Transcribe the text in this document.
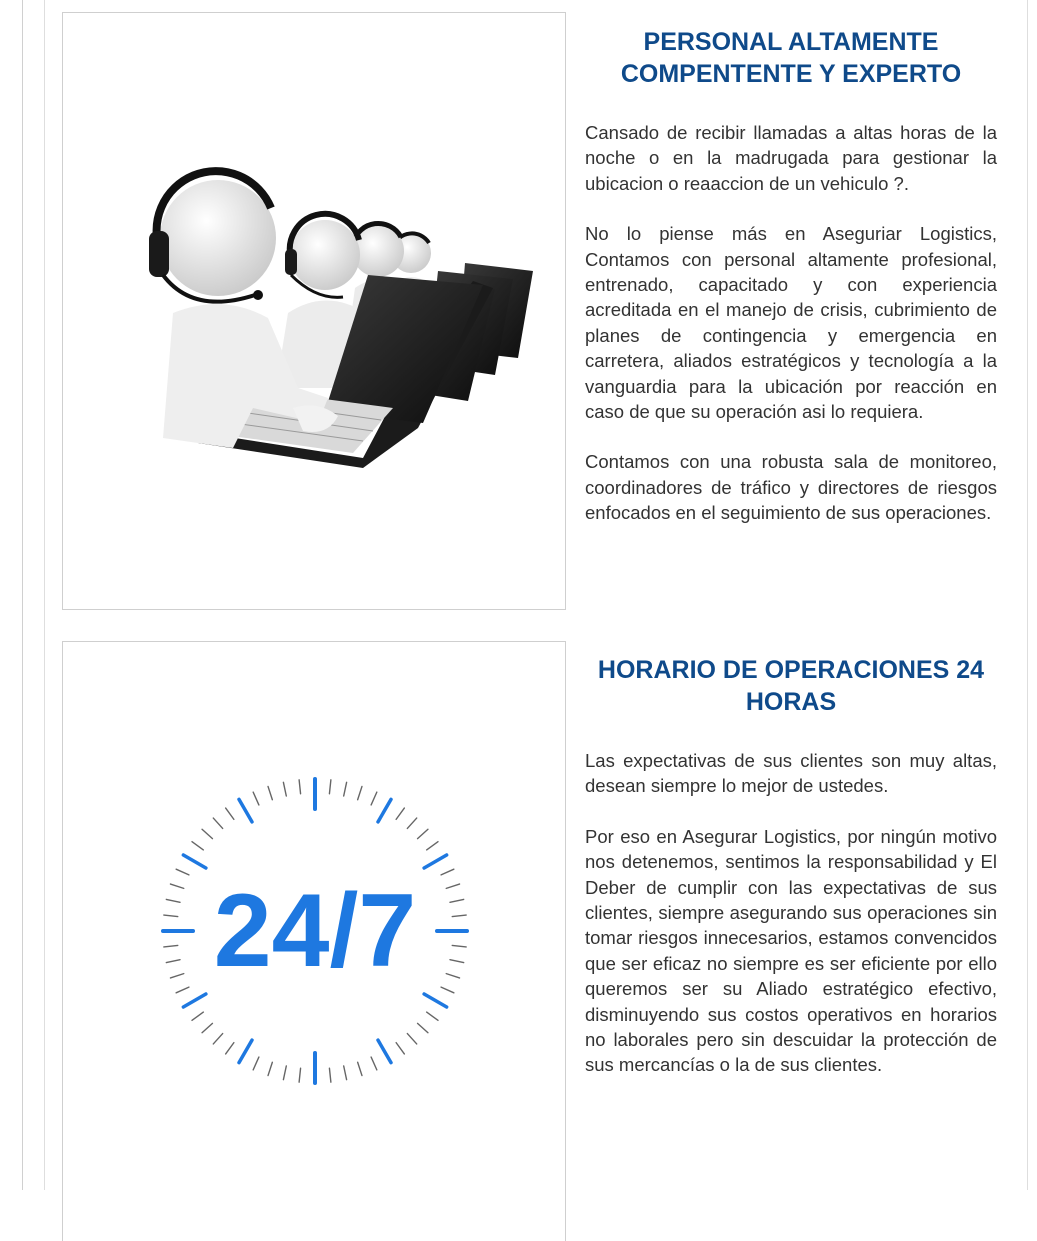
PERSONAL ALTAMENTE COMPENTENTE Y EXPERTO

Cansado de recibir llamadas a altas horas de la noche o en la madrugada para gestionar la ubicacion o reaaccion de un vehiculo ?.

No lo piense más en Aseguriar Logistics, Contamos con personal altamente profesional, entrenado, capacitado y con experiencia acreditada en el manejo de crisis, cubrimiento de planes de contingencia y emergencia en carretera, aliados estratégicos y tecnología a la vanguardia para la ubicación por reacción en caso de que su operación asi lo requiera.

Contamos con una robusta sala de monitoreo, coordinadores de tráfico y directores de riesgos enfocados en el seguimiento de sus operaciones.

24/7
HORARIO DE OPERACIONES 24 HORAS

Las expectativas de sus clientes son muy altas, desean siempre lo mejor de ustedes.

Por eso en Asegurar Logistics, por ningún motivo nos detenemos, sentimos la responsabilidad y El Deber de cumplir con las expectativas de sus clientes, siempre asegurando sus operaciones sin tomar riesgos innecesarios, estamos convencidos que ser eficaz no siempre es ser eficiente por ello queremos ser su Aliado estratégico efectivo, disminuyendo sus costos operativos en horarios no laborales pero sin descuidar la protección de sus mercancías o la de sus clientes.
